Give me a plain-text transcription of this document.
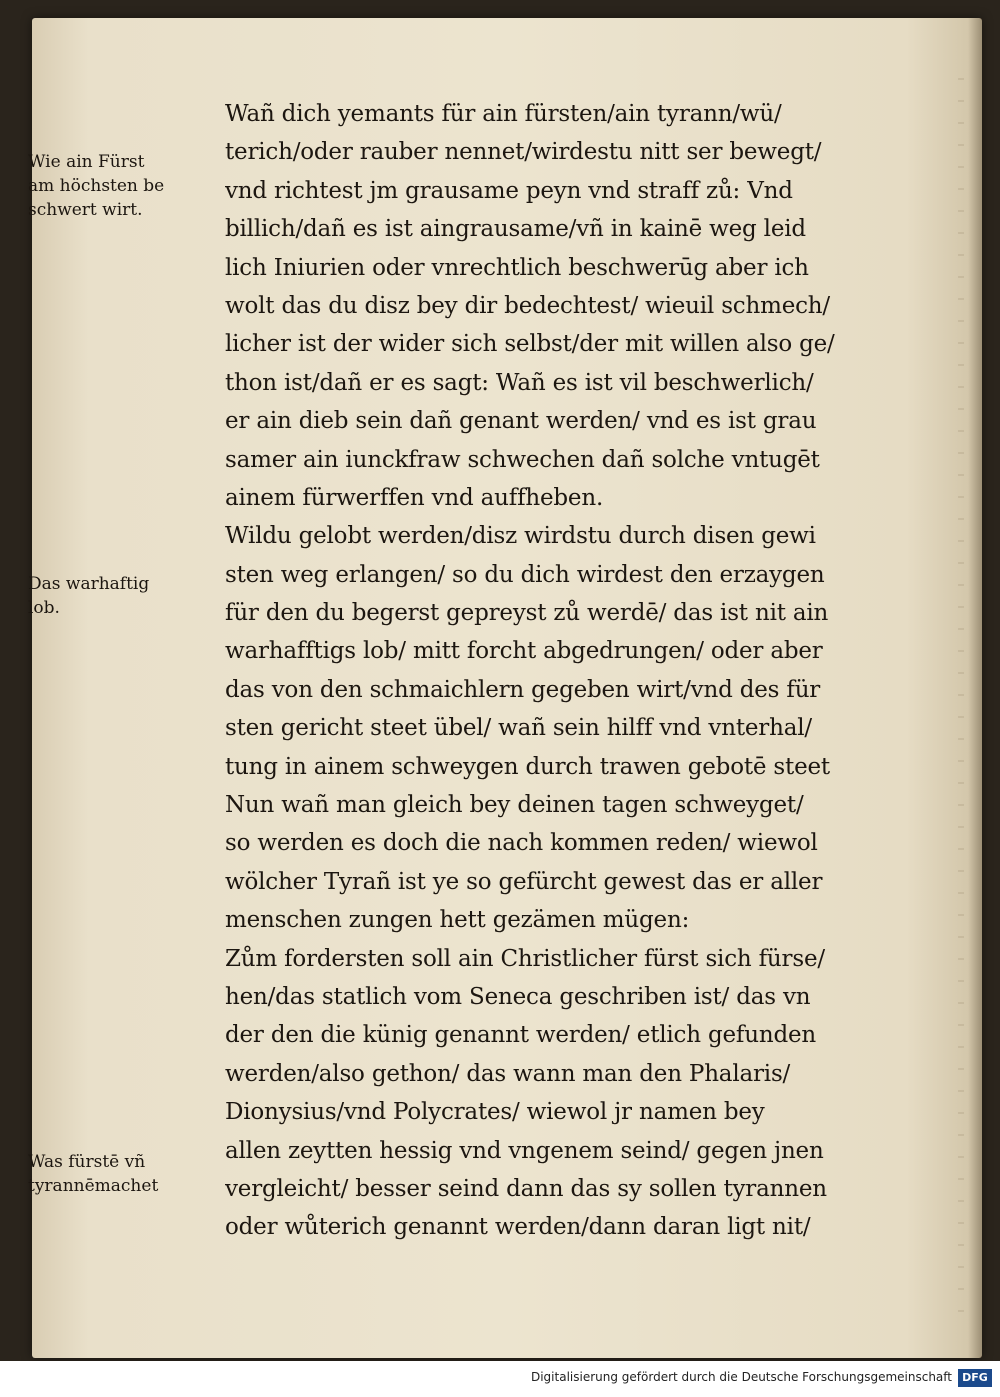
Wañ dich yemants für ain fürsten/ain tyrann/wü/

terich/oder rauber nennet/wirdestu nitt ser bewegt/

vnd richtest jm grausame peyn vnd straff zů: Vnd

billich/dañ es ist aingrausame/vñ in kainē weg leid

lich Iniurien oder vnrechtlich beschwerūg aber ich

wolt das du disz bey dir bedechtest/ wieuil schmech/

licher ist der wider sich selbst/der mit willen also ge/

thon ist/dañ er es sagt: Wañ es ist vil beschwerlich/

er ain dieb sein dañ genant werden/ vnd es ist grau

samer ain iunckfraw schwechen dañ solche vntugēt

ainem fürwerffen vnd auffheben.

Wildu gelobt werden/disz wirdstu durch disen gewi

sten weg erlangen/ so du dich wirdest den erzaygen

für den du begerst gepreyst zů werdē/ das ist nit ain

warhafftigs lob/ mitt forcht abgedrungen/ oder aber

das von den schmaichlern gegeben wirt/vnd des für

sten gericht steet übel/ wañ sein hilff vnd vnterhal/

tung in ainem schweygen durch trawen gebotē steet

Nun wañ man gleich bey deinen tagen schweyget/

so werden es doch die nach kommen reden/ wiewol

wölcher Tyrañ ist ye so gefürcht gewest das er aller

menschen zungen hett gezämen mügen:

Zům fordersten soll ain Christlicher fürst sich fürse/

hen/das statlich vom Seneca geschriben ist/ das vn

der den die künig genannt werden/ etlich gefunden

werden/also gethon/ das wann man den Phalaris/

Dionysius/vnd Polycrates/ wiewol jr namen bey

allen zeytten hessig vnd vngenem seind/ gegen jnen

vergleicht/ besser seind dann das sy sollen tyrannen

oder wůterich genannt werden/dann daran ligt nit/

Wie ain Fürst
am höchsten be
schwert wirt.
Das warhaftig
lob.
Was fürstē vñ
tyrannēmachet
Digitalisierung gefördert durch die Deutsche Forschungsgemeinschaft DFG
